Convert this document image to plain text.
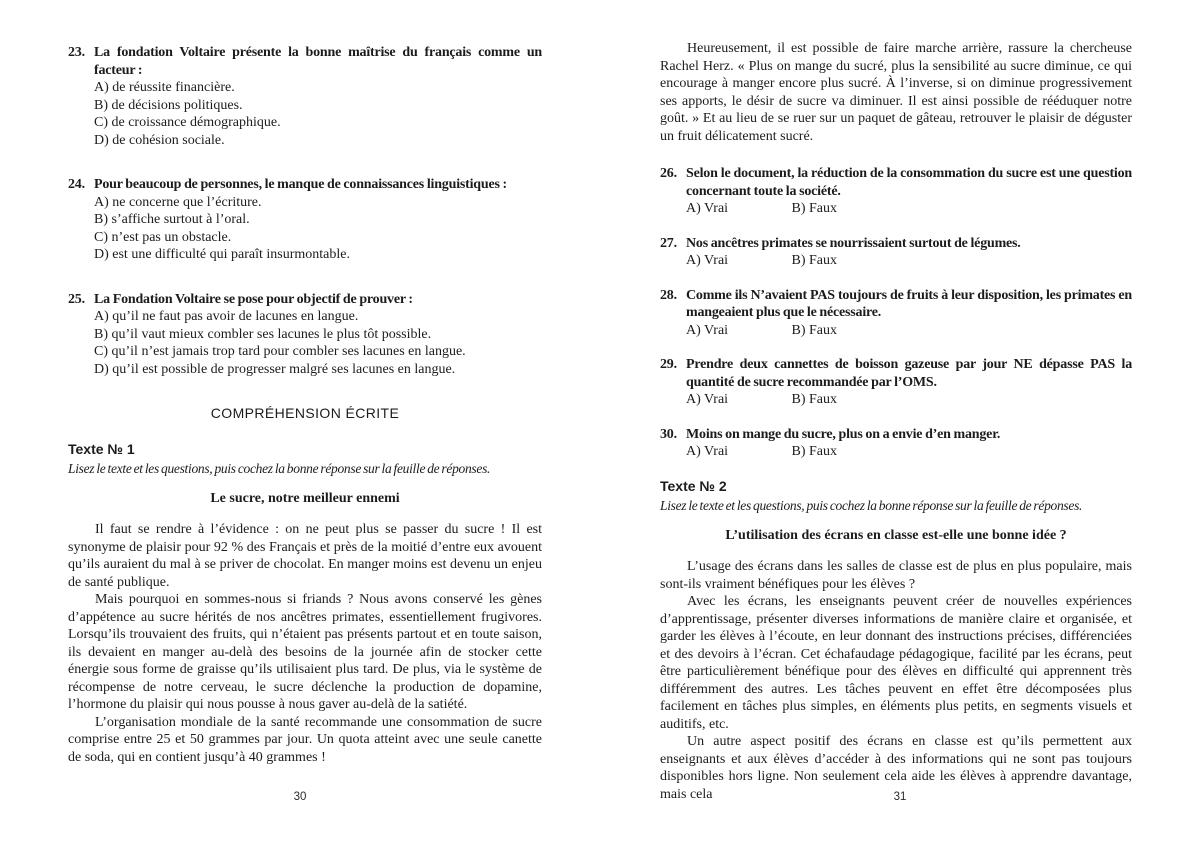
23. La fondation Voltaire présente la bonne maîtrise du français comme un facteur :
A) de réussite financière.
B) de décisions politiques.
C) de croissance démographique.
D) de cohésion sociale.
24. Pour beaucoup de personnes, le manque de connaissances linguistiques :
A) ne concerne que l’écriture.
B) s’affiche surtout à l’oral.
C) n’est pas un obstacle.
D) est une difficulté qui paraît insurmontable.
25. La Fondation Voltaire se pose pour objectif de prouver :
A) qu’il ne faut pas avoir de lacunes en langue.
B) qu’il vaut mieux combler ses lacunes le plus tôt possible.
C) qu’il n’est jamais trop tard pour combler ses lacunes en langue.
D) qu’il est possible de progresser malgré ses lacunes en langue.
COMPRÉHENSION ÉCRITE
Texte № 1
Lisez le texte et les questions, puis cochez la bonne réponse sur la feuille de réponses.
Le sucre, notre meilleur ennemi

Il faut se rendre à l’évidence : on ne peut plus se passer du sucre ! Il est synonyme de plaisir pour 92 % des Français et près de la moitié d’entre eux avouent qu’ils auraient du mal à se priver de chocolat. En manger moins est devenu un enjeu de santé publique.

Mais pourquoi en sommes-nous si friands ? Nous avons conservé les gènes d’appétence au sucre hérités de nos ancêtres primates, essentiellement frugivores. Lorsqu’ils trouvaient des fruits, qui n’étaient pas présents partout et en toute saison, ils devaient en manger au-delà des besoins de la journée afin de stocker cette énergie sous forme de graisse qu’ils utilisaient plus tard. De plus, via le système de récompense de notre cerveau, le sucre déclenche la production de dopamine, l’hormone du plaisir qui nous pousse à nous gaver au-delà de la satiété.

L’organisation mondiale de la santé recommande une consommation de sucre comprise entre 25 et 50 grammes par jour. Un quota atteint avec une seule canette de soda, qui en contient jusqu’à 40 grammes !

30

Heureusement, il est possible de faire marche arrière, rassure la chercheuse Rachel Herz. « Plus on mange du sucré, plus la sensibilité au sucre diminue, ce qui encourage à manger encore plus sucré. À l’inverse, si on diminue progressivement ses apports, le désir de sucre va diminuer. Il est ainsi possible de rééduquer notre goût. » Et au lieu de se ruer sur un paquet de gâteau, retrouver le plaisir de déguster un fruit délicatement sucré.

26. Selon le document, la réduction de la consommation du sucre est une question concernant toute la société.
A) Vrai	B) Faux
27. Nos ancêtres primates se nourrissaient surtout de légumes.
A) Vrai	B) Faux
28. Comme ils N’avaient PAS toujours de fruits à leur disposition, les primates en mangeaient plus que le nécessaire.
A) Vrai	B) Faux
29. Prendre deux cannettes de boisson gazeuse par jour NE dépasse PAS la quantité de sucre recommandée par l’OMS.
A) Vrai	B) Faux
30. Moins on mange du sucre, plus on a envie d’en manger.
A) Vrai	B) Faux
Texte № 2
Lisez le texte et les questions, puis cochez la bonne réponse sur la feuille de réponses.
L’utilisation des écrans en classe est-elle une bonne idée ?

L’usage des écrans dans les salles de classe est de plus en plus populaire, mais sont-ils vraiment bénéfiques pour les élèves ?

Avec les écrans, les enseignants peuvent créer de nouvelles expériences d’apprentissage, présenter diverses informations de manière claire et organisée, et garder les élèves à l’écoute, en leur donnant des instructions précises, différenciées et des devoirs à l’écran. Cet échafaudage pédagogique, facilité par les écrans, peut être particulièrement bénéfique pour des élèves en difficulté qui apprennent très différemment des autres. Les tâches peuvent en effet être décomposées plus facilement en tâches plus simples, en éléments plus petits, en segments visuels et auditifs, etc.

Un autre aspect positif des écrans en classe est qu’ils permettent aux enseignants et aux élèves d’accéder à des informations qui ne sont pas toujours disponibles hors ligne. Non seulement cela aide les élèves à apprendre davantage, mais cela	31
